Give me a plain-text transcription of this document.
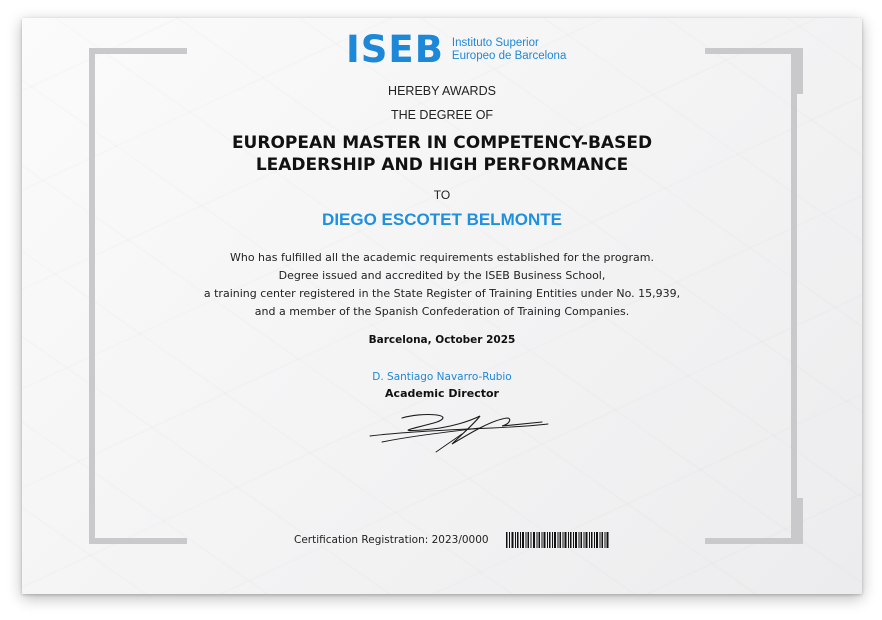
ISEB Instituto Superior
Europeo de Barcelona
HEREBY AWARDS
THE DEGREE OF
EUROPEAN MASTER IN COMPETENCY-BASED
LEADERSHIP AND HIGH PERFORMANCE
TO
DIEGO ESCOTET BELMONTE
Who has fulfilled all the academic requirements established for the program.
Degree issued and accredited by the ISEB Business School,
a training center registered in the State Register of Training Entities under No. 15,939,
and a member of the Spanish Confederation of Training Companies.
Barcelona, October 2025
D. Santiago Navarro-Rubio
Academic Director
Certification Registration: 2023/0000
